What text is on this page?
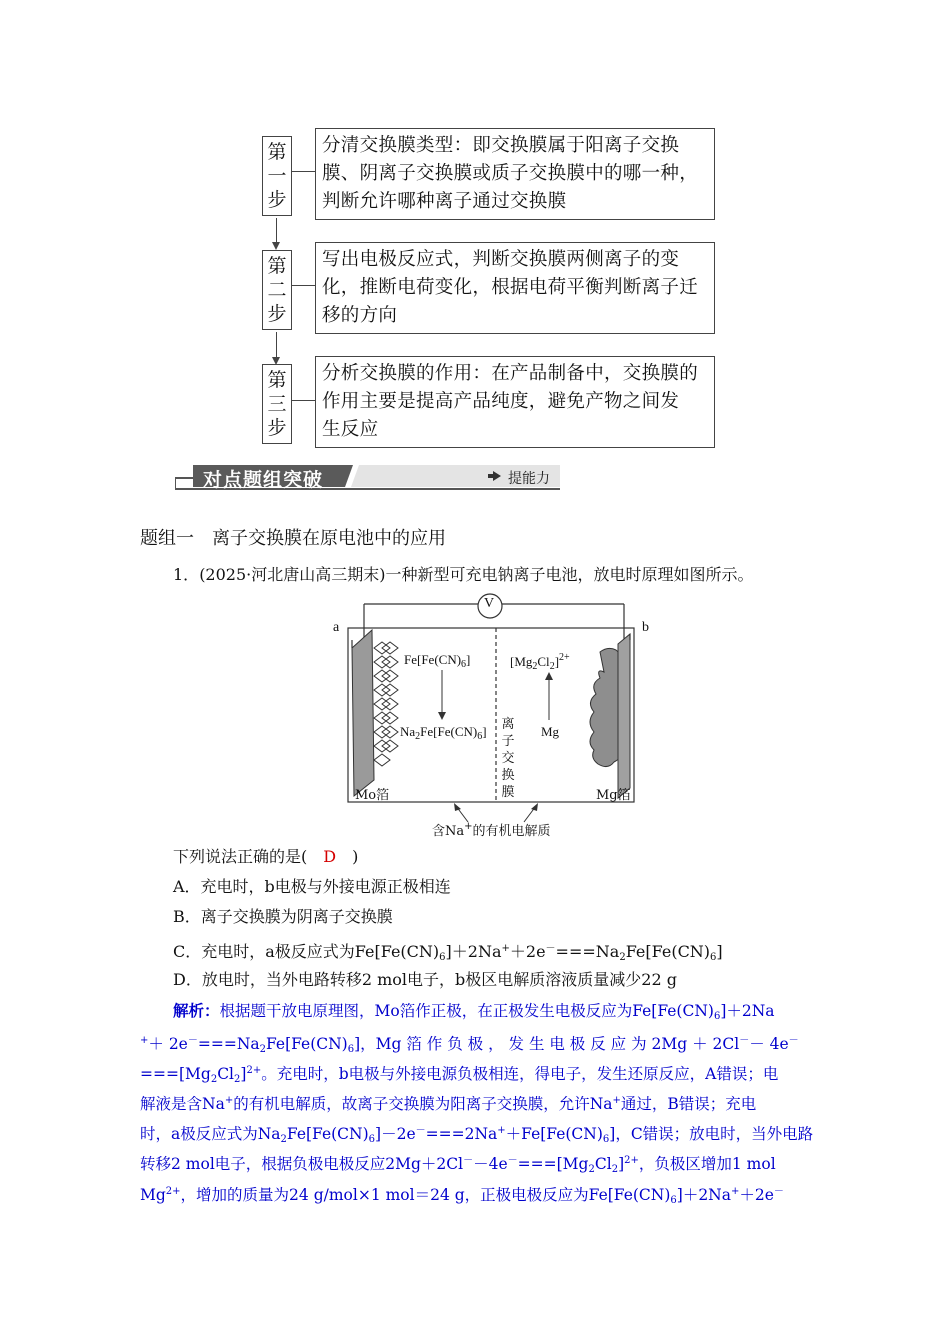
第
一
步
分清交换膜类型：即交换膜属于阳离子交换
膜、阴离子交换膜或质子交换膜中的哪一种，
判断允许哪种离子通过交换膜
第
二
步
写出电极反应式，判断交换膜两侧离子的变
化，推断电荷变化，根据电荷平衡判断离子迁
移的方向
第
三
步
分析交换膜的作用：在产品制备中，交换膜的
作用主要是提高产品纯度，避免产物之间发
生反应
对点题组突破	提能力
题组一　离子交换膜在原电池中的应用
1．(2025·河北唐山高三期末)一种新型可充电钠离子电池，放电时原理如图所示。
V
a	b
$Fe[Fe(CN)_6]$
$Na_2Fe[Fe(CN)_6]$
$[Mg_2Cl_2]^{2+}$
Mg
离
子
交
换
膜
Mo箔	Mg箔
含Na+的有机电解质
下列说法正确的是(　D　)
A．充电时，b电极与外接电源正极相连
B．离子交换膜为阴离子交换膜
C．充电时，a极反应式为$Fe[Fe(CN)_6]+2Na^++2e^-===Na_2Fe[Fe(CN)_6]$
D．放电时，当外电路转移2 mol电子，b极区电解质溶液质量减少22 g
解析：根据题干放电原理图，Mo箔作正极，在正极发生电极反应为$Fe[Fe(CN)_6]+2Na$
$^++ 2e^-===Na_2Fe[Fe(CN)_6]$，Mg 箔 作 负 极 ， 发 生 电 极 反 应 为 2Mg ＋ 2Cl－－ 4e－
$===[Mg_2Cl_2]^{2+}$。充电时，b电极与外接电源负极相连，得电子，发生还原反应，A错误；电
解液是含Na+的有机电解质，故离子交换膜为阳离子交换膜，允许Na+通过，B错误；充电
时，a极反应式为$Na_2Fe[Fe(CN)_6]-2e^-===2Na^++Fe[Fe(CN)_6]$，C错误；放电时，当外电路
转移2 mol电子，根据负极电极反应$2Mg+2Cl^--4e^-===[Mg_2Cl_2]^{2+}$，负极区增加1 mol
$Mg^{2+}$，增加的质量为24 g/mol×1 mol＝24 g，正极电极反应为$Fe[Fe(CN)_6]+2Na^++2e^-$
